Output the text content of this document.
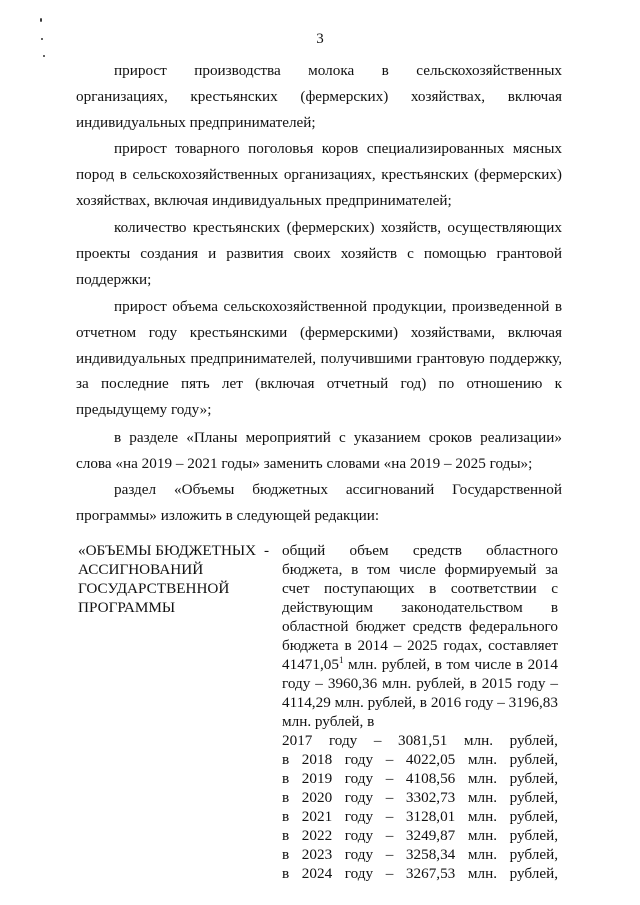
3

прирост производства молока в сельскохозяйственных организациях, крестьянских (фермерских) хозяйствах, включая индивидуальных предпринимателей;

прирост товарного поголовья коров специализированных мясных пород в сельскохозяйственных организациях, крестьянских (фермерских) хозяйствах, включая индивидуальных предпринимателей;

количество крестьянских (фермерских) хозяйств, осуществляющих проекты создания и развития своих хозяйств с помощью грантовой поддержки;

прирост объема сельскохозяйственной продукции, произведенной в отчетном году крестьянскими (фермерскими) хозяйствами, включая индивидуальных предпринимателей, получившими грантовую поддержку, за последние пять лет (включая отчетный год) по отношению к предыдущему году»;

в разделе «Планы мероприятий с указанием сроков реализации» слова «на 2019 – 2021 годы» заменить словами «на 2019 – 2025 годы»;

раздел «Объемы бюджетных ассигнований Государственной программы» изложить в следующей редакции:

«ОБЪЕМЫ БЮДЖЕТНЫХ АССИГНОВАНИЙ ГОСУДАРСТВЕННОЙ ПРОГРАММЫ
- общий объем средств областного бюджета, в том числе формируемый за счет поступающих в соответствии с действующим законодательством в областной бюджет средств федерального бюджета в 2014 – 2025 годах, составляет 41471,05$^1$ млн. рублей, в том числе в 2014 году – 3960,36 млн. рублей, в 2015 году – 4114,29 млн. рублей, в 2016 году – 3196,83 млн. рублей, в
2017 году – 3081,51 млн. рублей,
в 2018 году – 4022,05 млн. рублей,
в 2019 году – 4108,56 млн. рублей,
в 2020 году – 3302,73 млн. рублей,
в 2021 году – 3128,01 млн. рублей,
в 2022 году – 3249,87 млн. рублей,
в 2023 году – 3258,34 млн. рублей,
в 2024 году – 3267,53 млн. рублей,
